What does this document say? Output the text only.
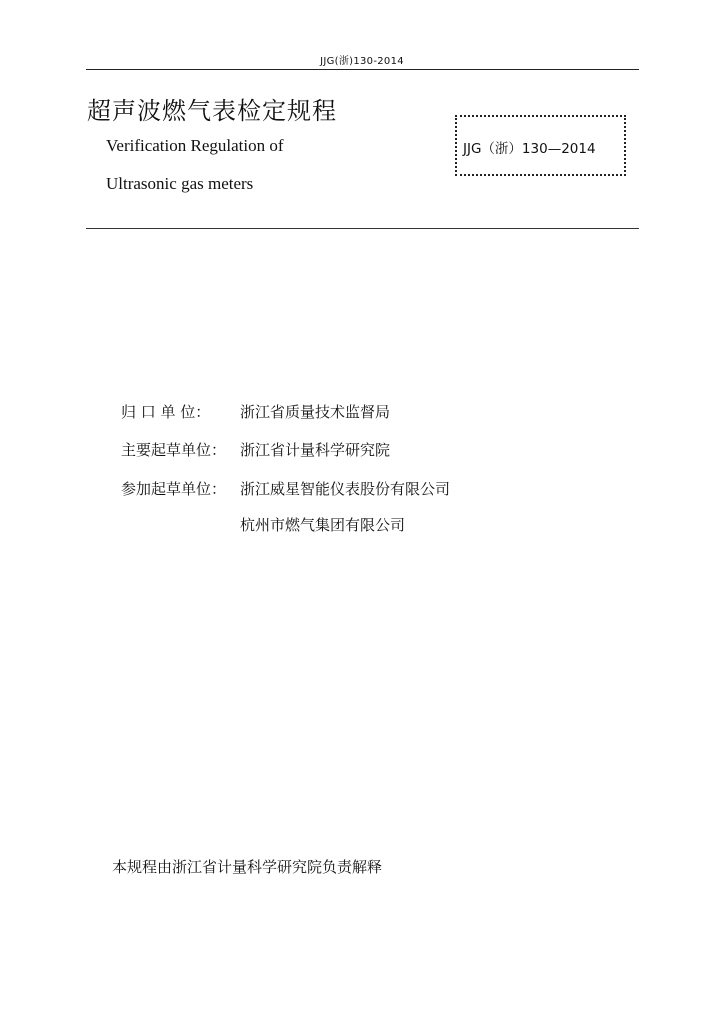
JJG(浙)130-2014
超声波燃气表检定规程
Verification Regulation of
Ultrasonic gas meters
JJG（浙）130—2014
归 口 单 位： 浙江省质量技术监督局
主要起草单位： 浙江省计量科学研究院
参加起草单位： 浙江威星智能仪表股份有限公司
杭州市燃气集团有限公司
本规程由浙江省计量科学研究院负责解释
